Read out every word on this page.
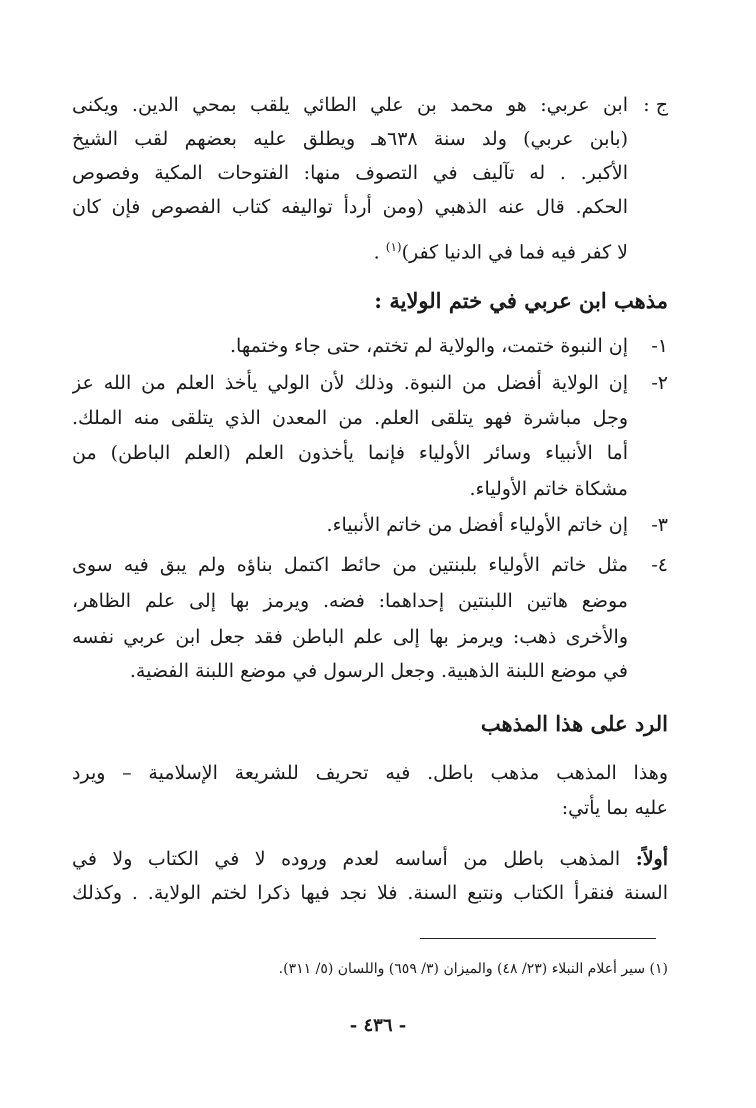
ج :
ابن عربي: هو محمد بن علي الطائي يلقب بمحي الدين. ويكنى
(بابن عربي) ولد سنة ٦٣٨هـ ويطلق عليه بعضهم لقب الشيخ
الأكبر. . له تآليف في التصوف منها: الفتوحات المكية وفصوص
الحكم. قال عنه الذهبي (ومن أردأ تواليفه كتاب الفصوص فإن كان
لا كفر فيه فما في الدنيا كفر)$^{(١)}$ .
مذهب ابن عربي في ختم الولاية :
١-
إن النبوة ختمت، والولاية لم تختم، حتى جاء وختمها.
٢-
إن الولاية أفضل من النبوة. وذلك لأن الولي يأخذ العلم من الله عز
وجل مباشرة فهو يتلقى العلم. من المعدن الذي يتلقى منه الملك.
أما الأنبياء وسائر الأولياء فإنما يأخذون العلم (العلم الباطن) من
مشكاة خاتم الأولياء.
٣-
إن خاتم الأولياء أفضل من خاتم الأنبياء.
٤-
مثل خاتم الأولياء بلبنتين من حائط اكتمل بناؤه ولم يبق فيه سوى
موضع هاتين اللبنتين إحداهما: فضه. ويرمز بها إلى علم الظاهر،
والأخرى ذهب: ويرمز بها إلى علم الباطن فقد جعل ابن عربي نفسه
في موضع اللبنة الذهبية. وجعل الرسول في موضع اللبنة الفضية.
الرد على هذا المذهب
وهذا المذهب مذهب باطل. فيه تحريف للشريعة الإسلامية – ويرد
عليه بما يأتي:
أولاً: المذهب باطل من أساسه لعدم وروده لا في الكتاب ولا في
السنة فنقرأ الكتاب ونتبع السنة. فلا نجد فيها ذكرا لختم الولاية. . وكذلك
(١) سير أعلام النبلاء (٢٣/ ٤٨) والميزان (٣/ ٦٥٩) واللسان (٥/ ٣١١).
- ٤٣٦ -
